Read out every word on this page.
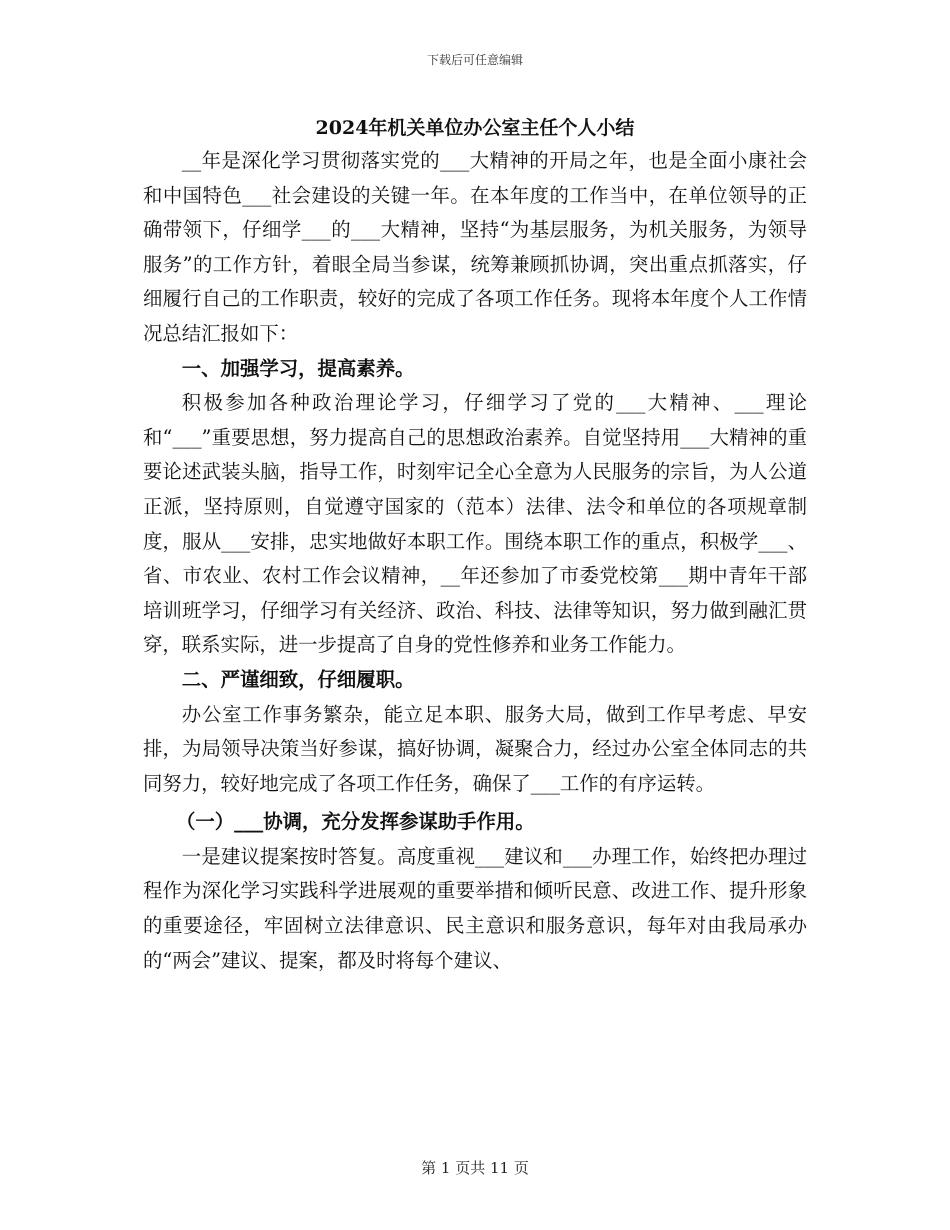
下载后可任意编辑
2024年机关单位办公室主任个人小结

__年是深化学习贯彻落实党的___大精神的开局之年，也是全面小康社会和中国特色___社会建设的关键一年。在本年度的工作当中，在单位领导的正确带领下，仔细学___的___大精神，坚持“为基层服务，为机关服务，为领导服务”的工作方针，着眼全局当参谋，统筹兼顾抓协调，突出重点抓落实，仔细履行自己的工作职责，较好的完成了各项工作任务。现将本年度个人工作情况总结汇报如下：

一、加强学习，提高素养。

积极参加各种政治理论学习，仔细学习了党的___大精神、___理论和“___”重要思想，努力提高自己的思想政治素养。自觉坚持用___大精神的重要论述武装头脑，指导工作，时刻牢记全心全意为人民服务的宗旨，为人公道正派，坚持原则，自觉遵守国家的（范本）法律、法令和单位的各项规章制度，服从___安排，忠实地做好本职工作。围绕本职工作的重点，积极学___、省、市农业、农村工作会议精神，__年还参加了市委党校第___期中青年干部培训班学习，仔细学习有关经济、政治、科技、法律等知识，努力做到融汇贯穿，联系实际，进一步提高了自身的党性修养和业务工作能力。

二、严谨细致，仔细履职。

办公室工作事务繁杂，能立足本职、服务大局，做到工作早考虑、早安排，为局领导决策当好参谋，搞好协调，凝聚合力，经过办公室全体同志的共同努力，较好地完成了各项工作任务，确保了___工作的有序运转。

（一）___协调，充分发挥参谋助手作用。

一是建议提案按时答复。高度重视___建议和___办理工作，始终把办理过程作为深化学习实践科学进展观的重要举措和倾听民意、改进工作、提升形象的重要途径，牢固树立法律意识、民主意识和服务意识，每年对由我局承办的“两会”建议、提案，都及时将每个建议、

第 1 页共 11 页
